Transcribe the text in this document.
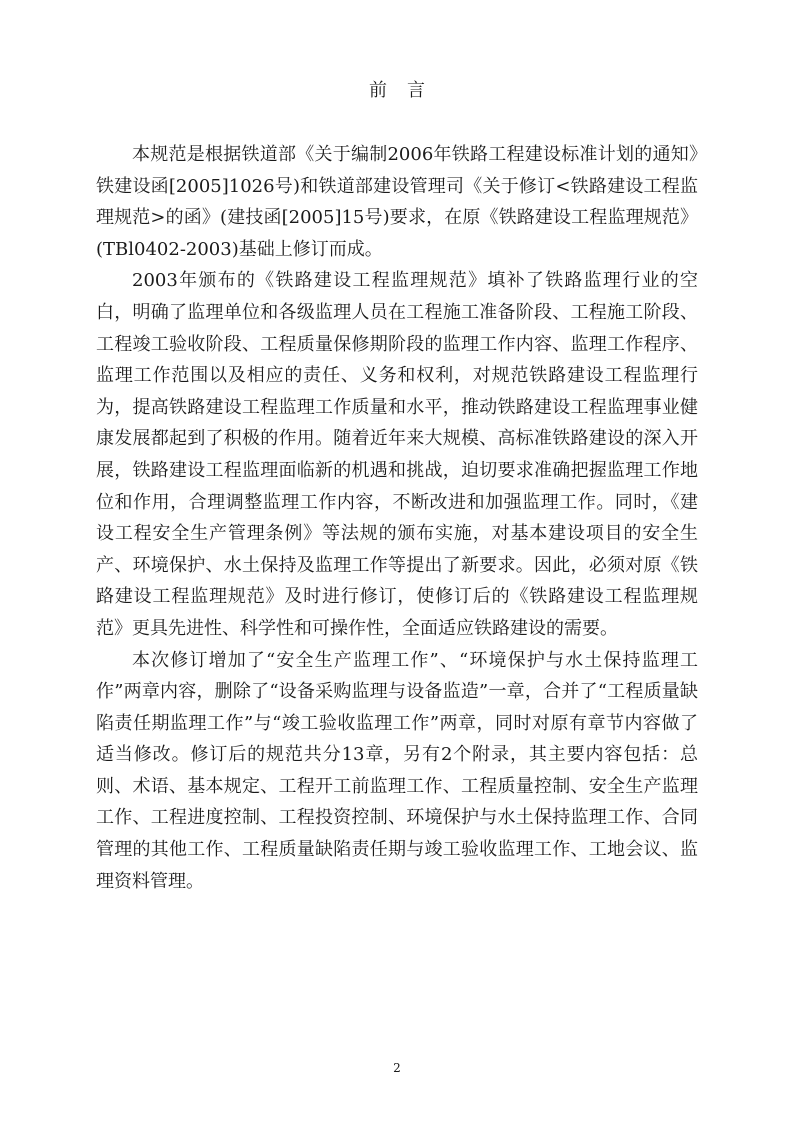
前言

本规范是根据铁道部《关于编制2006年铁路工程建设标准计划的通知》铁建设函[2005]1026号)和铁道部建设管理司《关于修订<铁路建设工程监理规范>的函》(建技函[2005]15号)要求，在原《铁路建设工程监理规范》(TBl0402-2003)基础上修订而成。

2003年颁布的《铁路建设工程监理规范》填补了铁路监理行业的空白，明确了监理单位和各级监理人员在工程施工准备阶段、工程施工阶段、工程竣工验收阶段、工程质量保修期阶段的监理工作内容、监理工作程序、监理工作范围以及相应的责任、义务和权利，对规范铁路建设工程监理行为，提高铁路建设工程监理工作质量和水平，推动铁路建设工程监理事业健康发展都起到了积极的作用。随着近年来大规模、高标准铁路建设的深入开展，铁路建设工程监理面临新的机遇和挑战，迫切要求准确把握监理工作地位和作用，合理调整监理工作内容，不断改进和加强监理工作。同时，《建设工程安全生产管理条例》等法规的颁布实施，对基本建设项目的安全生产、环境保护、水土保持及监理工作等提出了新要求。因此，必须对原《铁路建设工程监理规范》及时进行修订，使修订后的《铁路建设工程监理规范》更具先进性、科学性和可操作性，全面适应铁路建设的需要。

本次修订增加了“安全生产监理工作”、“环境保护与水土保持监理工作”两章内容，删除了“设备采购监理与设备监造”一章，合并了“工程质量缺陷责任期监理工作”与“竣工验收监理工作”两章，同时对原有章节内容做了适当修改。修订后的规范共分13章，另有2个附录，其主要内容包括：总则、术语、基本规定、工程开工前监理工作、工程质量控制、安全生产监理工作、工程进度控制、工程投资控制、环境保护与水土保持监理工作、合同管理的其他工作、工程质量缺陷责任期与竣工验收监理工作、工地会议、监理资料管理。

2
